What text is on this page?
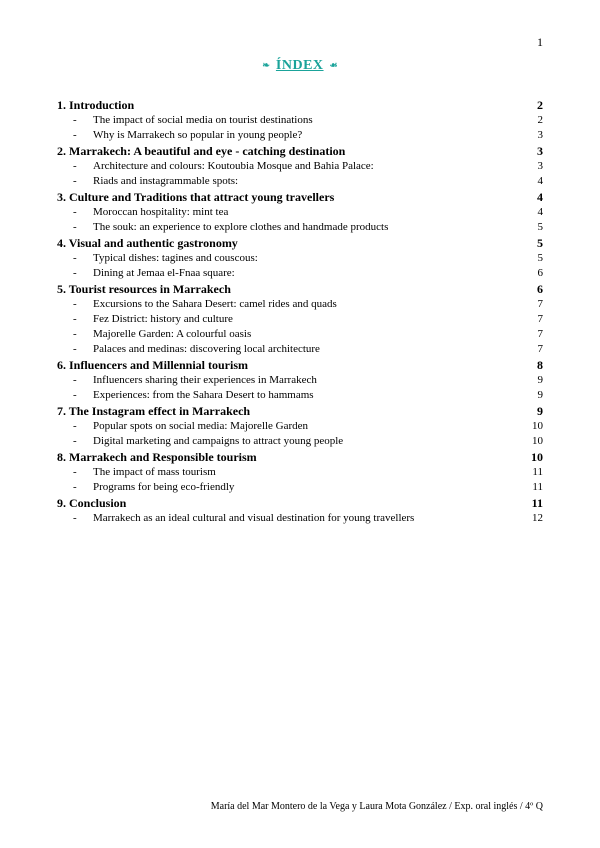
1
❧ ÍNDEX ☙
1. Introduction	2
-	The impact of social media on tourist destinations	2
-	Why is Marrakech so popular in young people?	3
2. Marrakech: A beautiful and eye - catching destination	3
-	Architecture and colours: Koutoubia Mosque and Bahia Palace:	3
-	Riads and instagrammable spots:	4
3. Culture and Traditions that attract young travellers	4
-	Moroccan hospitality: mint tea	4
-	The souk: an experience to explore clothes and handmade products	5
4. Visual and authentic gastronomy	5
-	Typical dishes: tagines and couscous:	5
-	Dining at Jemaa el-Fnaa square:	6
5. Tourist resources in Marrakech	6
-	Excursions to the Sahara Desert: camel rides and quads	7
-	Fez District: history and culture	7
-	Majorelle Garden: A colourful oasis	7
-	Palaces and medinas: discovering local architecture	7
6. Influencers and Millennial tourism	8
-	Influencers sharing their experiences in Marrakech	9
-	Experiences: from the Sahara Desert to hammams	9
7. The Instagram effect in Marrakech	9
-	Popular spots on social media: Majorelle Garden	10
-	Digital marketing and campaigns to attract young people	10
8. Marrakech and Responsible tourism	10
-	The impact of mass tourism	11
-	Programs for being eco-friendly	11
9. Conclusion	11
-	Marrakech as an ideal cultural and visual destination for young travellers	12
María del Mar Montero de la Vega y Laura Mota González / Exp. oral inglés / 4º Q
